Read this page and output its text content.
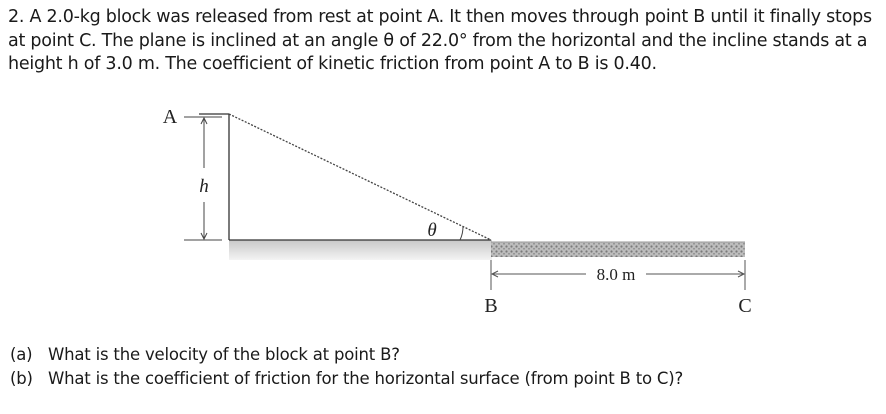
2. A 2.0-kg block was released from rest at point A. It then moves through point B until it finally stops at point C. The plane is inclined at an angle θ of 22.0° from the horizontal and the incline stands at a height h of 3.0 m. The coefficient of kinetic friction from point A to B is 0.40.

h
A
θ
8.0 m
B	C
(a) What is the velocity of the block at point B?
(b) What is the coefficient of friction for the horizontal surface (from point B to C)?
